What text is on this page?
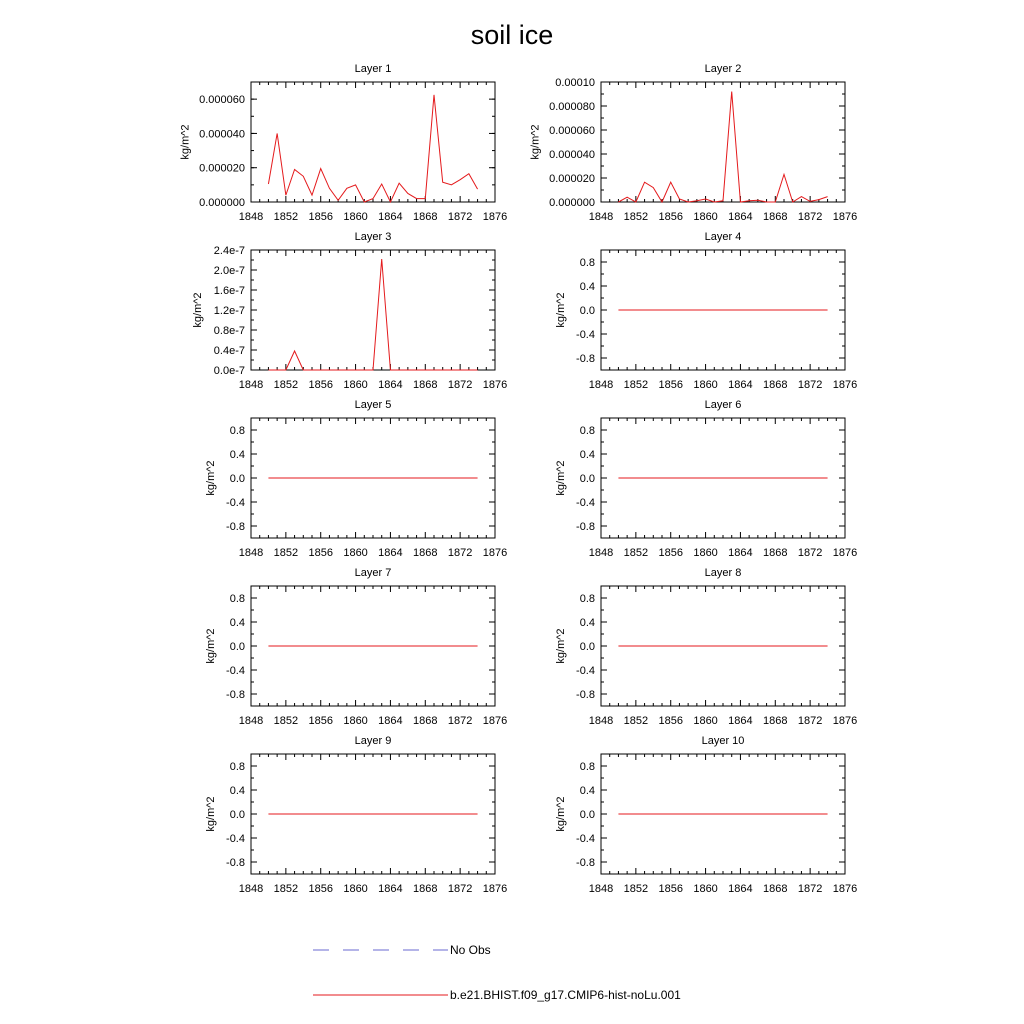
soil ice
Layer 1
1848 1852 1856 1860 1864 1868 1872 1876
0.000000
0.000020
0.000040
0.000060
kg/m^2
Layer 2
1848 1852 1856 1860 1864 1868 1872 1876
0.000000
0.000020
0.000040
0.000060
0.000080
0.00010
kg/m^2
Layer 3
1848 1852 1856 1860 1864 1868 1872 1876
0.0e-7
0.4e-7
0.8e-7
1.2e-7
1.6e-7
2.0e-7
2.4e-7
kg/m^2
Layer 4
1848 1852 1856 1860 1864 1868 1872 1876
-0.8
-0.4
0.0
0.4
0.8
kg/m^2
Layer 5
1848 1852 1856 1860 1864 1868 1872 1876
-0.8
-0.4
0.0
0.4
0.8
kg/m^2
Layer 6
1848 1852 1856 1860 1864 1868 1872 1876
-0.8
-0.4
0.0
0.4
0.8
kg/m^2
Layer 7
1848 1852 1856 1860 1864 1868 1872 1876
-0.8
-0.4
0.0
0.4
0.8
kg/m^2
Layer 8
1848 1852 1856 1860 1864 1868 1872 1876
-0.8
-0.4
0.0
0.4
0.8
kg/m^2
Layer 9
1848 1852 1856 1860 1864 1868 1872 1876
-0.8
-0.4
0.0
0.4
0.8
kg/m^2
Layer 10
1848 1852 1856 1860 1864 1868 1872 1876
-0.8
-0.4
0.0
0.4
0.8
kg/m^2
No Obs
b.e21.BHIST.f09_g17.CMIP6-hist-noLu.001
